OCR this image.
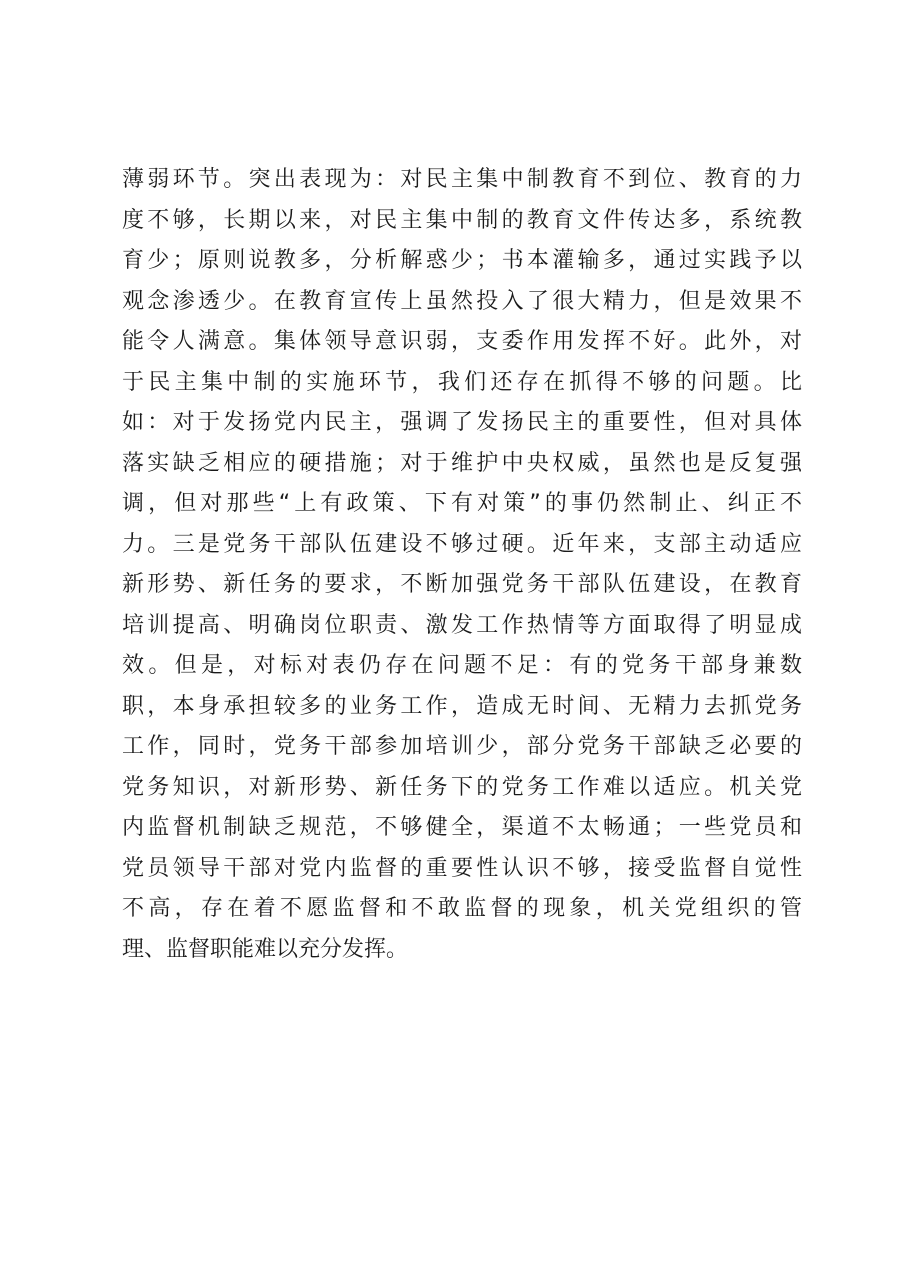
薄弱环节。突出表现为：对民主集中制教育不到位、教育的力
度不够，长期以来，对民主集中制的教育文件传达多，系统教
育少；原则说教多，分析解惑少；书本灌输多，通过实践予以
观念渗透少。在教育宣传上虽然投入了很大精力，但是效果不
能令人满意。集体领导意识弱，支委作用发挥不好。此外，对
于民主集中制的实施环节，我们还存在抓得不够的问题。比
如：对于发扬党内民主，强调了发扬民主的重要性，但对具体
落实缺乏相应的硬措施；对于维护中央权威，虽然也是反复强
调，但对那些“上有政策、下有对策”的事仍然制止、纠正不
力。三是党务干部队伍建设不够过硬。近年来，支部主动适应
新形势、新任务的要求，不断加强党务干部队伍建设，在教育
培训提高、明确岗位职责、激发工作热情等方面取得了明显成
效。但是，对标对表仍存在问题不足：有的党务干部身兼数
职，本身承担较多的业务工作，造成无时间、无精力去抓党务
工作，同时，党务干部参加培训少，部分党务干部缺乏必要的
党务知识，对新形势、新任务下的党务工作难以适应。机关党
内监督机制缺乏规范，不够健全，渠道不太畅通；一些党员和
党员领导干部对党内监督的重要性认识不够，接受监督自觉性
不高，存在着不愿监督和不敢监督的现象，机关党组织的管
理、监督职能难以充分发挥。
